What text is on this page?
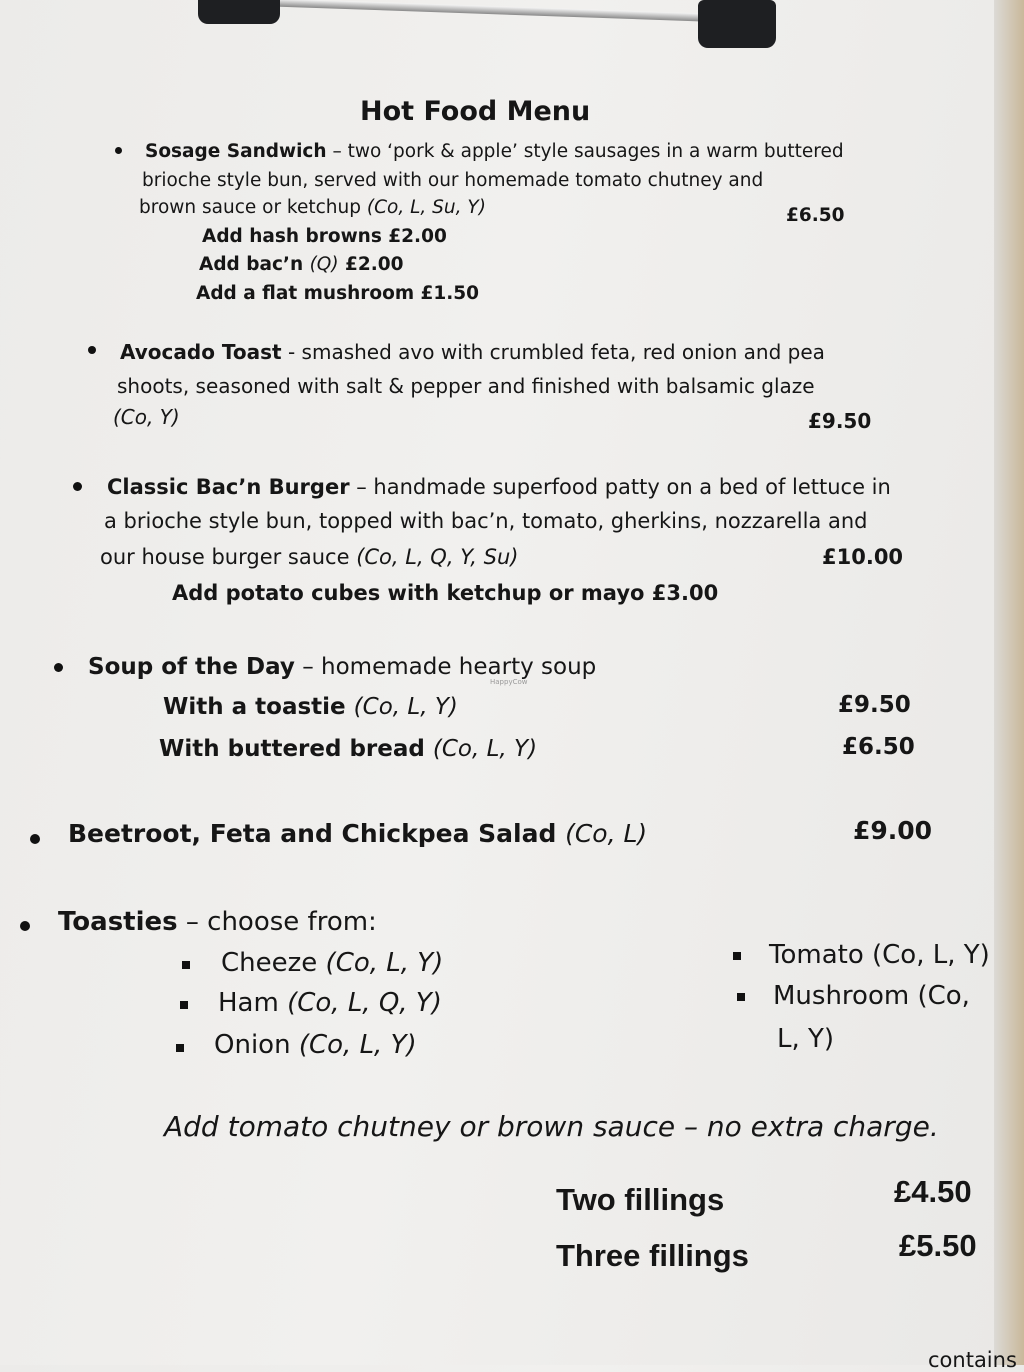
Hot Food Menu
Sosage Sandwich – two ‘pork & apple’ style sausages in a warm buttered
brioche style bun, served with our homemade tomato chutney and
brown sauce or ketchup (Co, L, Su, Y)	£6.50
Add hash browns £2.00
Add bac’n (Q) £2.00
Add a flat mushroom £1.50
Avocado Toast - smashed avo with crumbled feta, red onion and pea
shoots, seasoned with salt & pepper and finished with balsamic glaze
(Co, Y)	£9.50
Classic Bac’n Burger – handmade superfood patty on a bed of lettuce in
a brioche style bun, topped with bac’n, tomato, gherkins, nozzarella and
our house burger sauce (Co, L, Q, Y, Su)	£10.00
Add potato cubes with ketchup or mayo £3.00
Soup of the Day – homemade hearty soup
HappyCow
With a toastie (Co, L, Y)	£9.50
With buttered bread (Co, L, Y)	£6.50
Beetroot, Feta and Chickpea Salad (Co, L)	£9.00
Toasties – choose from:
Cheeze (Co, L, Y)
Ham (Co, L, Q, Y)
Onion (Co, L, Y)
Tomato (Co, L, Y)
Mushroom (Co,
L, Y)
Add tomato chutney or brown sauce – no extra charge.
Two fillings	£4.50
Three fillings	£5.50
contains
